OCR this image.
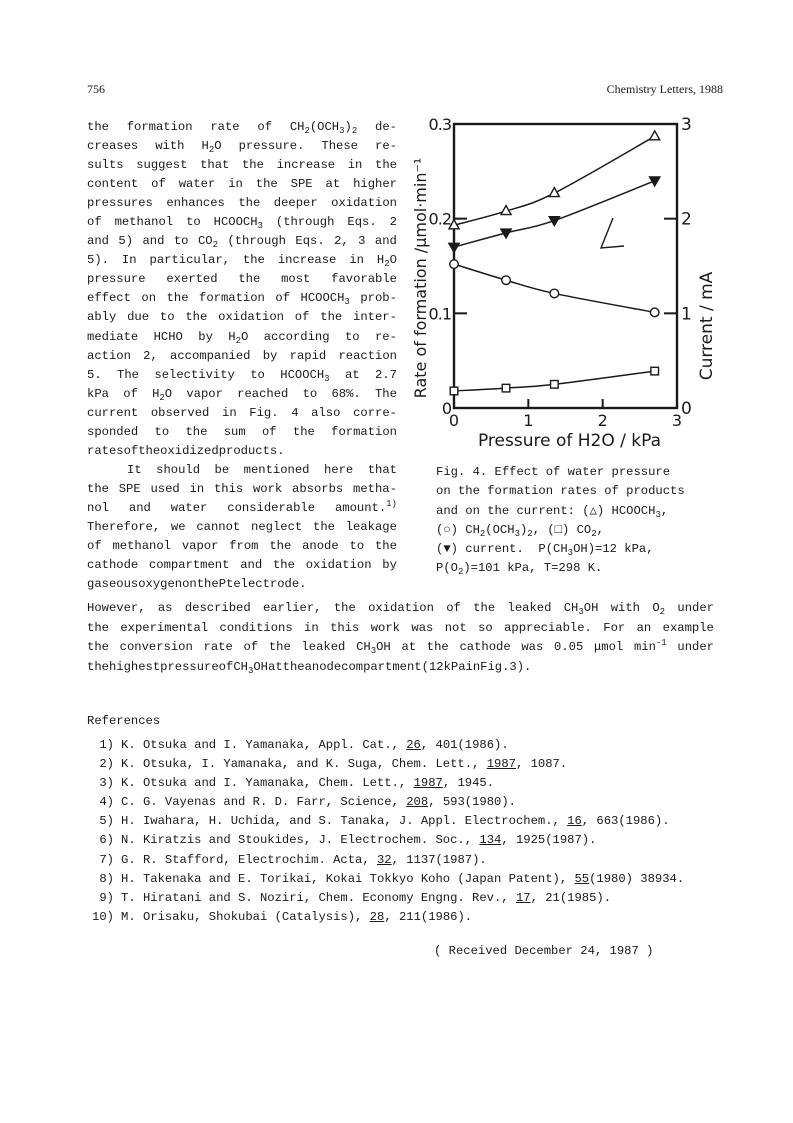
756	Chemistry Letters, 1988
the formation rate of $CH_2(OCH_3)_2$ de-
creases with $H_2O$ pressure. These re-
sults suggest that the increase in the
content of water in the SPE at higher
pressures enhances the deeper oxidation
of methanol to $HCOOCH_3$ (through Eqs. 2
and 5) and to $CO_2$ (through Eqs. 2, 3 and
5). In particular, the increase in $H_2O$
pressure exerted the most favorable
effect on the formation of $HCOOCH_3$ prob-
ably due to the oxidation of the inter-
mediate HCHO by $H_2O$ according to re-
action 2, accompanied by rapid reaction
5. The selectivity to $HCOOCH_3$ at 2.7
kPa of $H_2O$ vapor reached to 68%. The
current observed in Fig. 4 also corre-
sponded to the sum of the formation
rates of the oxidized products.
It should be mentioned here that
the SPE used in this work absorbs metha-
nol and water considerable amount.$^{1)}$
Therefore, we cannot neglect the leakage
of methanol vapor from the anode to the
cathode compartment and the oxidation by
gaseous oxygen on the Pt electrode.
0	1	2	3
0
0.1
0.2
0.3
0
1
2
3
Pressure of H2O / kPa
Rate of formation /μmol·min⁻¹	Current / mA
Fig. 4. Effect of water pressure
on the formation rates of products
and on the current: (△) $HCOOCH_3$,
(○) $CH_2(OCH_3)_2$, (□) $CO_2$,
(▼) current.  $P(CH_3OH)=12$ kPa,
$P(O_2)=101$ kPa, T=298 K.
However, as described earlier, the oxidation of the leaked $CH_3OH$ with $O_2$ under
the experimental conditions in this work was not so appreciable. For an example
the conversion rate of the leaked $CH_3OH$ at the cathode was 0.05 μmol $\min^{-1}$ under
the highest pressure of $CH_3OH$ at the anode compartment (12kPa in Fig. 3).
References
1) K. Otsuka and I. Yamanaka, Appl. Cat., 26, 401(1986).
2) K. Otsuka, I. Yamanaka, and K. Suga, Chem. Lett., 1987, 1087.
3) K. Otsuka and I. Yamanaka, Chem. Lett., 1987, 1945.
4) C. G. Vayenas and R. D. Farr, Science, 208, 593(1980).
5) H. Iwahara, H. Uchida, and S. Tanaka, J. Appl. Electrochem., 16, 663(1986).
6) N. Kiratzis and Stoukides, J. Electrochem. Soc., 134, 1925(1987).
7) G. R. Stafford, Electrochim. Acta, 32, 1137(1987).
8) H. Takenaka and E. Torikai, Kokai Tokkyo Koho (Japan Patent), 55(1980) 38934.
9) T. Hiratani and S. Noziri, Chem. Economy Engng. Rev., 17, 21(1985).
10) M. Orisaku, Shokubai (Catalysis), 28, 211(1986).
( Received December 24, 1987 )
